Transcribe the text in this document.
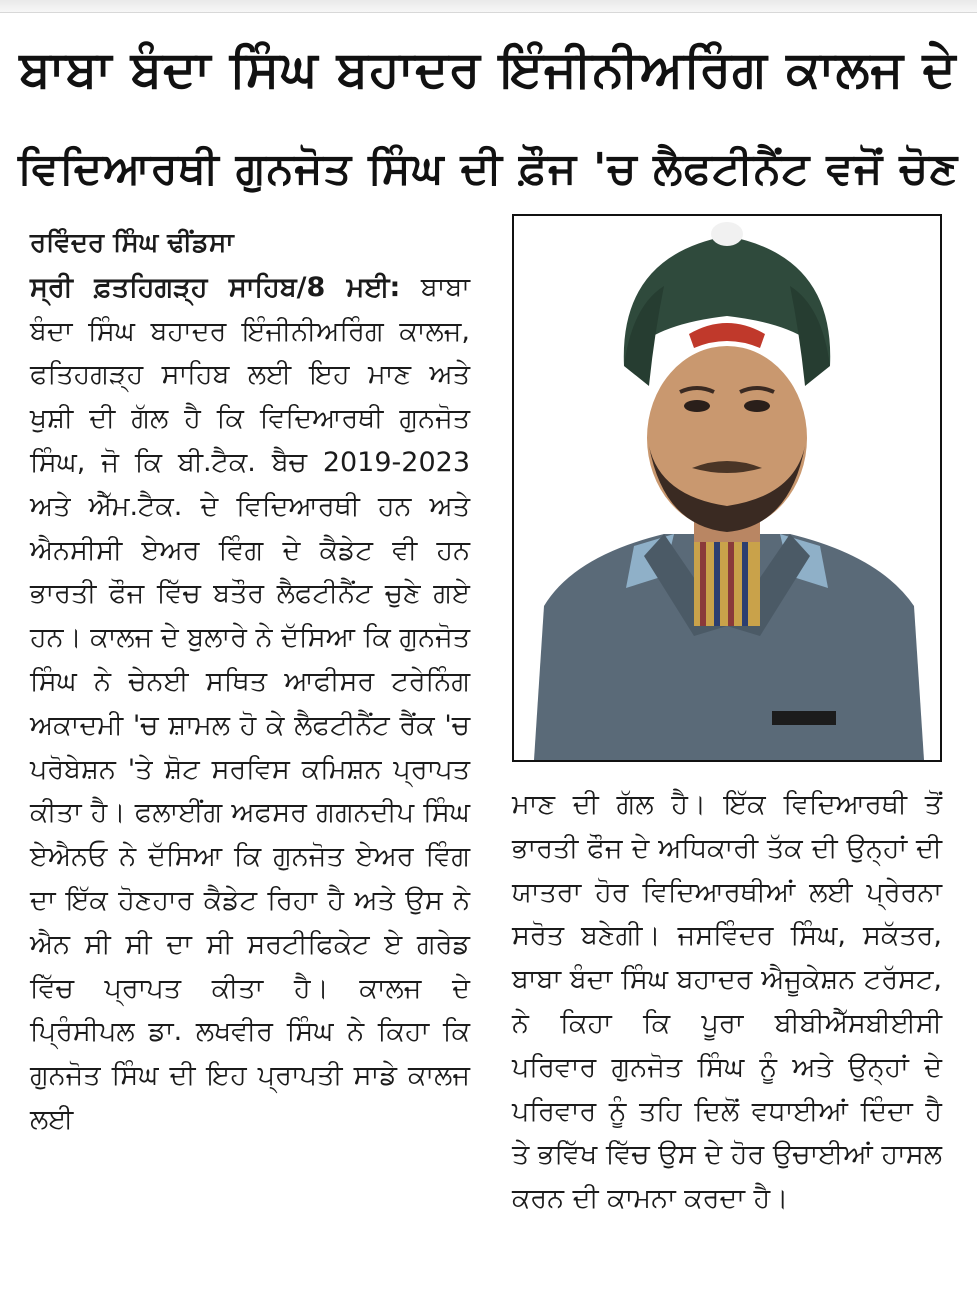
ਬਾਬਾ ਬੰਦਾ ਸਿੰਘ ਬਹਾਦਰ ਇੰਜੀਨੀਅਰਿੰਗ ਕਾਲਜ ਦੇ
ਵਿਦਿਆਰਥੀ ਗੁਨਜੋਤ ਸਿੰਘ ਦੀ ਫ਼ੌਜ 'ਚ ਲੈਫਟੀਨੈਂਟ ਵਜੋਂ ਚੋਣ
ਰਵਿੰਦਰ ਸਿੰਘ ਢੀਂਡਸਾ

ਸ੍ਰੀ ਫ਼ਤਹਿਗੜ੍ਹ ਸਾਹਿਬ/8 ਮਈ: ਬਾਬਾ ਬੰਦਾ ਸਿੰਘ ਬਹਾਦਰ ਇੰਜੀਨੀਅਰਿੰਗ ਕਾਲਜ, ਫਤਿਹਗੜ੍ਹ ਸਾਹਿਬ ਲਈ ਇਹ ਮਾਣ ਅਤੇ ਖੁਸ਼ੀ ਦੀ ਗੱਲ ਹੈ ਕਿ ਵਿਦਿਆਰਥੀ ਗੁਨਜੋਤ ਸਿੰਘ, ਜੋ ਕਿ ਬੀ.ਟੈਕ. ਬੈਚ 2019-2023 ਅਤੇ ਐੱਮ.ਟੈਕ. ਦੇ ਵਿਦਿਆਰਥੀ ਹਨ ਅਤੇ ਐਨਸੀਸੀ ਏਅਰ ਵਿੰਗ ਦੇ ਕੈਡੇਟ ਵੀ ਹਨ ਭਾਰਤੀ ਫੌਜ ਵਿੱਚ ਬਤੌਰ ਲੈਫਟੀਨੈਂਟ ਚੁਣੇ ਗਏ ਹਨ। ਕਾਲਜ ਦੇ ਬੁਲਾਰੇ ਨੇ ਦੱਸਿਆ ਕਿ ਗੁਨਜੋਤ ਸਿੰਘ ਨੇ ਚੇਨਈ ਸਥਿਤ ਆਫੀਸਰ ਟਰੇਨਿੰਗ ਅਕਾਦਮੀ 'ਚ ਸ਼ਾਮਲ ਹੋ ਕੇ ਲੈਫਟੀਨੈਂਟ ਰੈਂਕ 'ਚ ਪਰੋਬੇਸ਼ਨ 'ਤੇ ਸ਼ੋਟ ਸਰਵਿਸ ਕਮਿਸ਼ਨ ਪ੍ਰਾਪਤ ਕੀਤਾ ਹੈ। ਫਲਾਈਂਗ ਅਫਸਰ ਗਗਨਦੀਪ ਸਿੰਘ ਏਐਨਓ ਨੇ ਦੱਸਿਆ ਕਿ ਗੁਨਜੋਤ ਏਅਰ ਵਿੰਗ ਦਾ ਇੱਕ ਹੋਣਹਾਰ ਕੈਡੇਟ ਰਿਹਾ ਹੈ ਅਤੇ ਉਸ ਨੇ ਐਨ ਸੀ ਸੀ ਦਾ ਸੀ ਸਰਟੀਫਿਕੇਟ ਏ ਗਰੇਡ ਵਿੱਚ ਪ੍ਰਾਪਤ ਕੀਤਾ ਹੈ। ਕਾਲਜ ਦੇ ਪ੍ਰਿੰਸੀਪਲ ਡਾ. ਲਖਵੀਰ ਸਿੰਘ ਨੇ ਕਿਹਾ ਕਿ ਗੁਨਜੋਤ ਸਿੰਘ ਦੀ ਇਹ ਪ੍ਰਾਪਤੀ ਸਾਡੇ ਕਾਲਜ ਲਈ

ਮਾਣ ਦੀ ਗੱਲ ਹੈ। ਇੱਕ ਵਿਦਿਆਰਥੀ ਤੋਂ ਭਾਰਤੀ ਫੌਜ ਦੇ ਅਧਿਕਾਰੀ ਤੱਕ ਦੀ ਉਨ੍ਹਾਂ ਦੀ ਯਾਤਰਾ ਹੋਰ ਵਿਦਿਆਰਥੀਆਂ ਲਈ ਪ੍ਰੇਰਨਾ ਸਰੋਤ ਬਣੇਗੀ। ਜਸਵਿੰਦਰ ਸਿੰਘ, ਸਕੱਤਰ, ਬਾਬਾ ਬੰਦਾ ਸਿੰਘ ਬਹਾਦਰ ਐਜੂਕੇਸ਼ਨ ਟਰੱਸਟ, ਨੇ ਕਿਹਾ ਕਿ ਪੂਰਾ ਬੀਬੀਐੱਸਬੀਈਸੀ ਪਰਿਵਾਰ ਗੁਨਜੋਤ ਸਿੰਘ ਨੂੰ ਅਤੇ ਉਨ੍ਹਾਂ ਦੇ ਪਰਿਵਾਰ ਨੂੰ ਤਹਿ ਦਿਲੋਂ ਵਧਾਈਆਂ ਦਿੰਦਾ ਹੈ ਤੇ ਭਵਿੱਖ ਵਿੱਚ ਉਸ ਦੇ ਹੋਰ ਉਚਾਈਆਂ ਹਾਸਲ ਕਰਨ ਦੀ ਕਾਮਨਾ ਕਰਦਾ ਹੈ।
